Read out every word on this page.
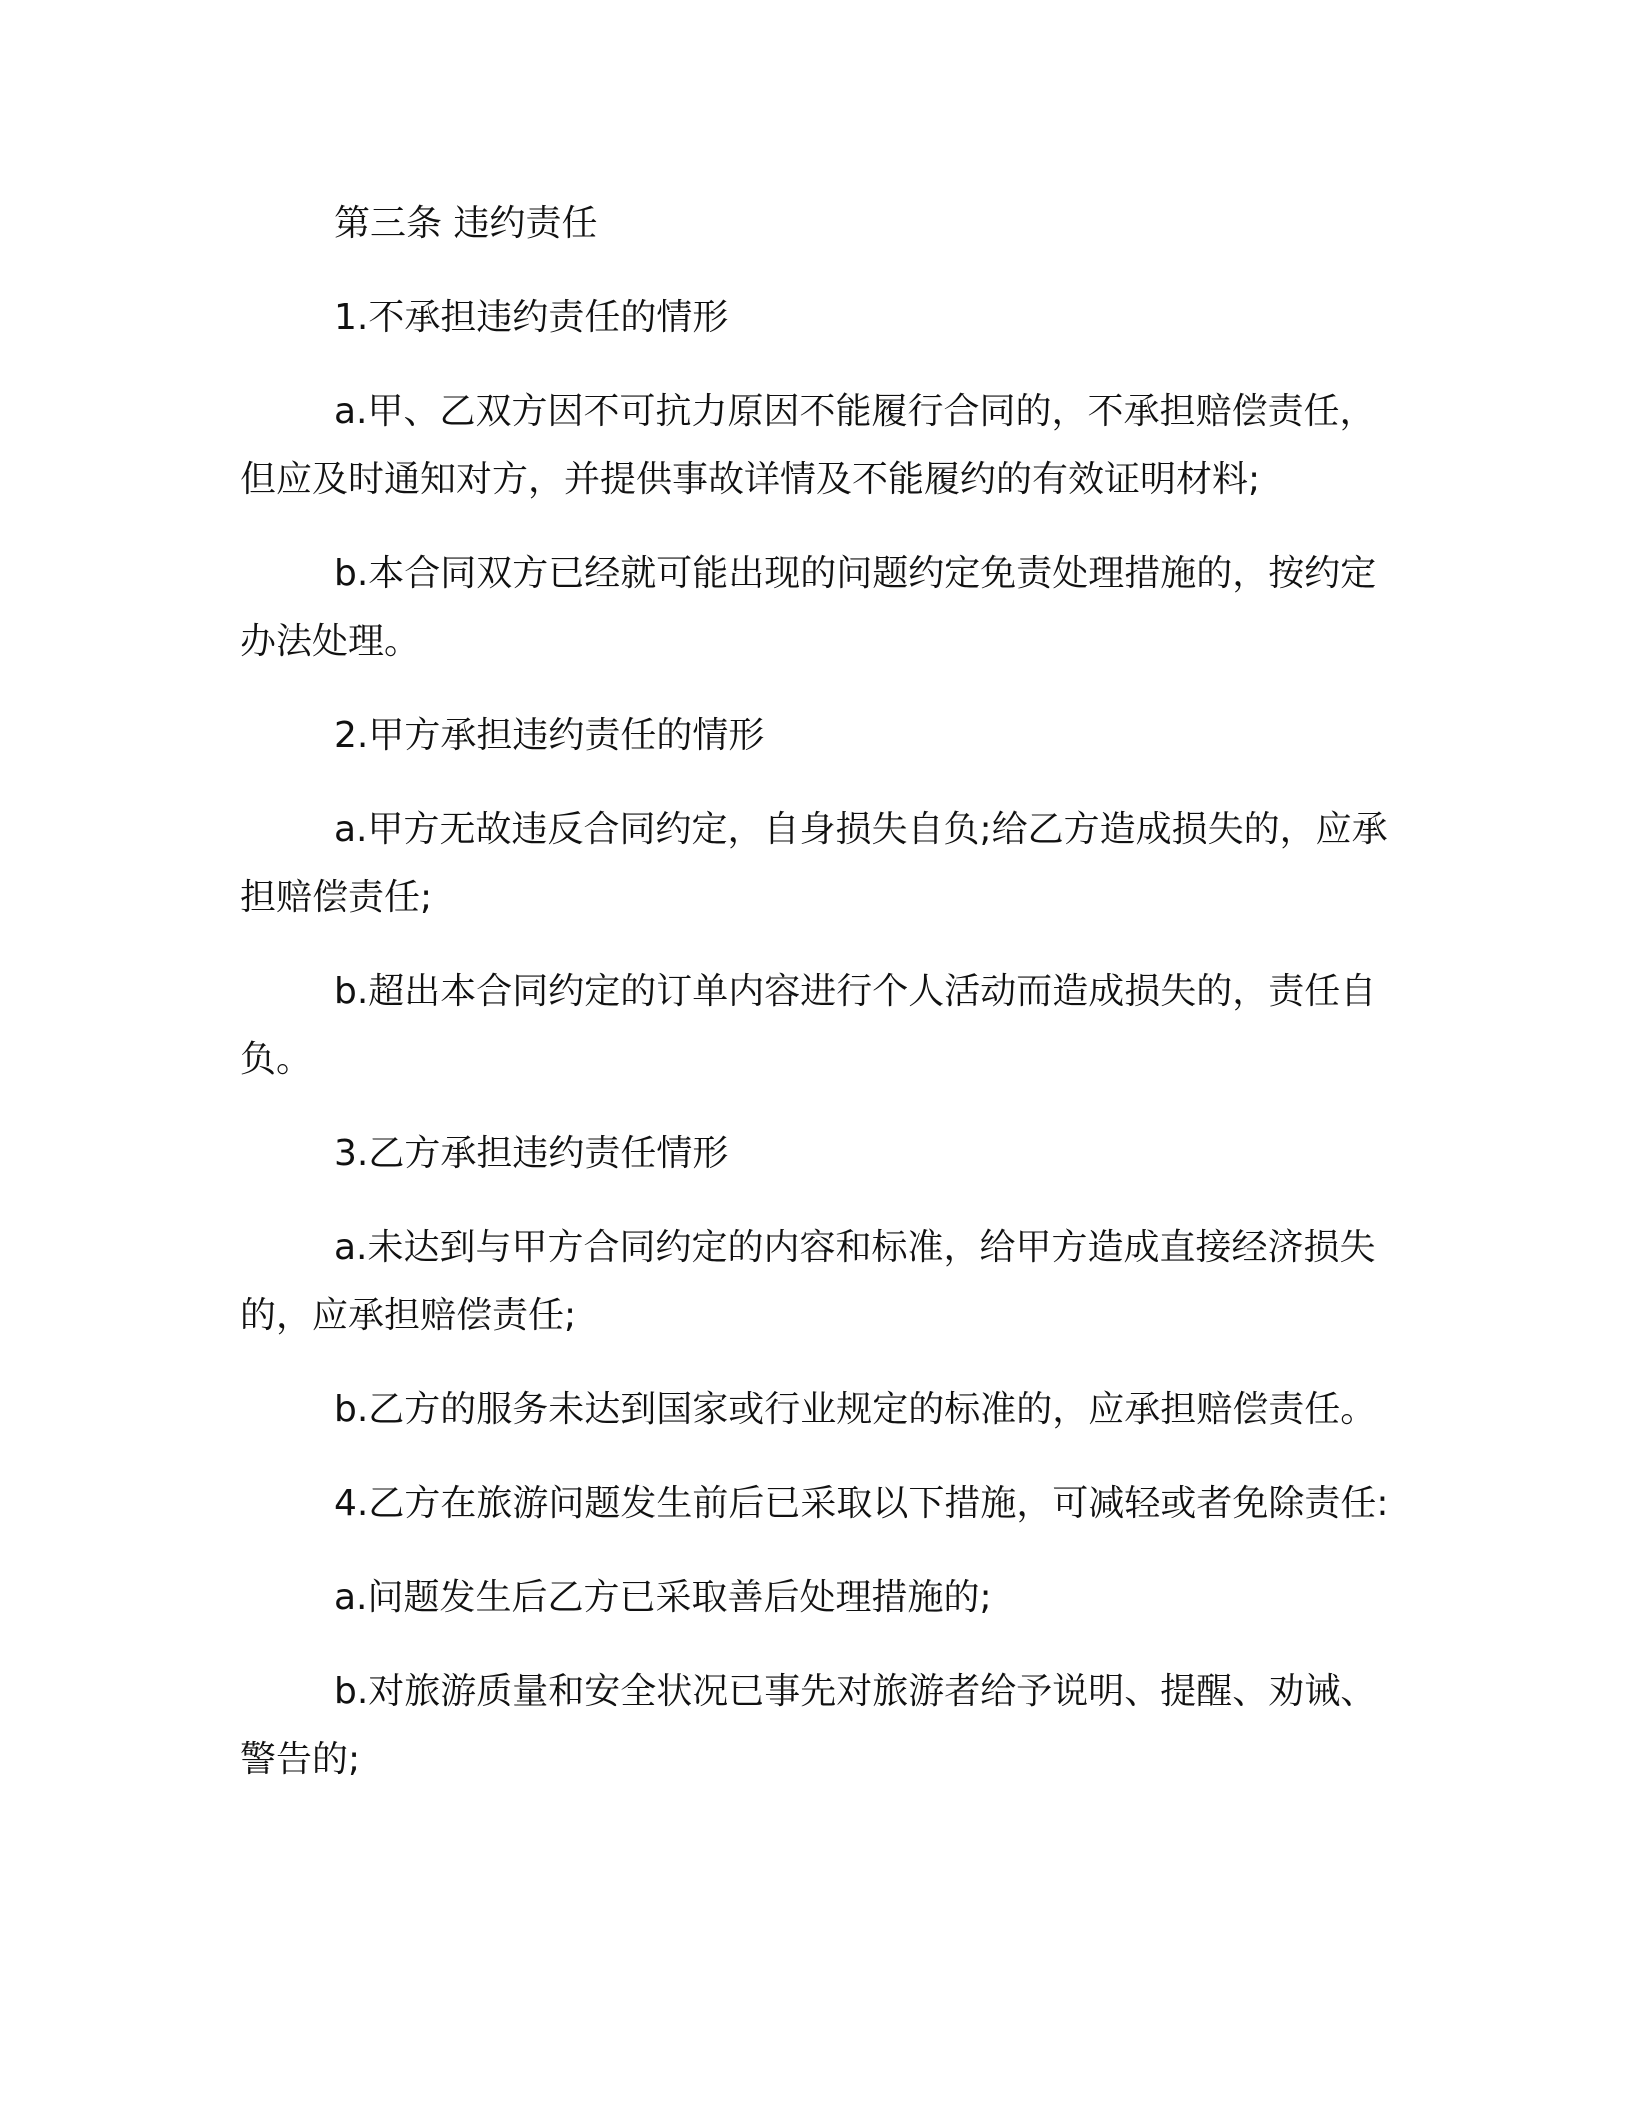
第三条 违约责任

1.不承担违约责任的情形

a.甲、乙双方因不可抗力原因不能履行合同的，不承担赔偿责任，但应及时通知对方，并提供事故详情及不能履约的有效证明材料;

b.本合同双方已经就可能出现的问题约定免责处理措施的，按约定办法处理。

2.甲方承担违约责任的情形

a.甲方无故违反合同约定，自身损失自负;给乙方造成损失的，应承担赔偿责任;

b.超出本合同约定的订单内容进行个人活动而造成损失的，责任自负。

3.乙方承担违约责任情形

a.未达到与甲方合同约定的内容和标准，给甲方造成直接经济损失的，应承担赔偿责任;

b.乙方的服务未达到国家或行业规定的标准的，应承担赔偿责任。

4.乙方在旅游问题发生前后已采取以下措施，可减轻或者免除责任:

a.问题发生后乙方已采取善后处理措施的;

b.对旅游质量和安全状况已事先对旅游者给予说明、提醒、劝诫、警告的;
